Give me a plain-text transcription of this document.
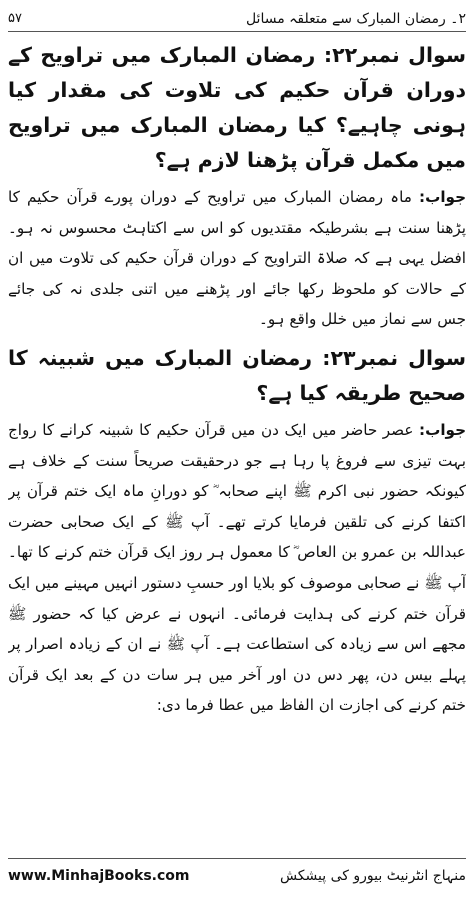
۲۔ رمضان المبارک سے متعلقہ مسائل
۵۷

سوال نمبر۲۲: رمضان المبارک میں تراویح کے دوران قرآن حکیم کی تلاوت کی مقدار کیا ہونی چاہیے؟ کیا رمضان المبارک میں تراویح میں مکمل قرآن پڑھنا لازم ہے؟

جواب: ماہ رمضان المبارک میں تراویح کے دوران پورے قرآن حکیم کا پڑھنا سنت ہے بشرطیکہ مقتدیوں کو اس سے اکتاہٹ محسوس نہ ہو۔ افضل یہی ہے کہ صلاۃ التراویح کے دوران قرآن حکیم کی تلاوت میں ان کے حالات کو ملحوظ رکھا جائے اور پڑھنے میں اتنی جلدی نہ کی جائے جس سے نماز میں خلل واقع ہو۔

سوال نمبر۲۳: رمضان المبارک میں شبینہ کا صحیح طریقہ کیا ہے؟

جواب: عصر حاضر میں ایک دن میں قرآن حکیم کا شبینہ کرانے کا رواج بہت تیزی سے فروغ پا رہا ہے جو درحقیقت صریحاً سنت کے خلاف ہے کیونکہ حضور نبی اکرم ﷺ اپنے صحابہ ؓ کو دورانِ ماہ ایک ختم قرآن پر اکتفا کرنے کی تلقین فرمایا کرتے تھے۔ آپ ﷺ کے ایک صحابی حضرت عبداللہ بن عمرو بن العاص ؓ کا معمول ہر روز ایک قرآن ختم کرنے کا تھا۔ آپ ﷺ نے صحابی موصوف کو بلایا اور حسبِ دستور انہیں مہینے میں ایک قرآن ختم کرنے کی ہدایت فرمائی۔ انہوں نے عرض کیا کہ حضور ﷺ مجھے اس سے زیادہ کی استطاعت ہے۔ آپ ﷺ نے ان کے زیادہ اصرار پر پہلے بیس دن، پھر دس دن اور آخر میں ہر سات دن کے بعد ایک قرآن ختم کرنے کی اجازت ان الفاظ میں عطا فرما دی:

www.MinhajBooks.com	منہاج انٹرنیٹ بیورو کی پیشکش
